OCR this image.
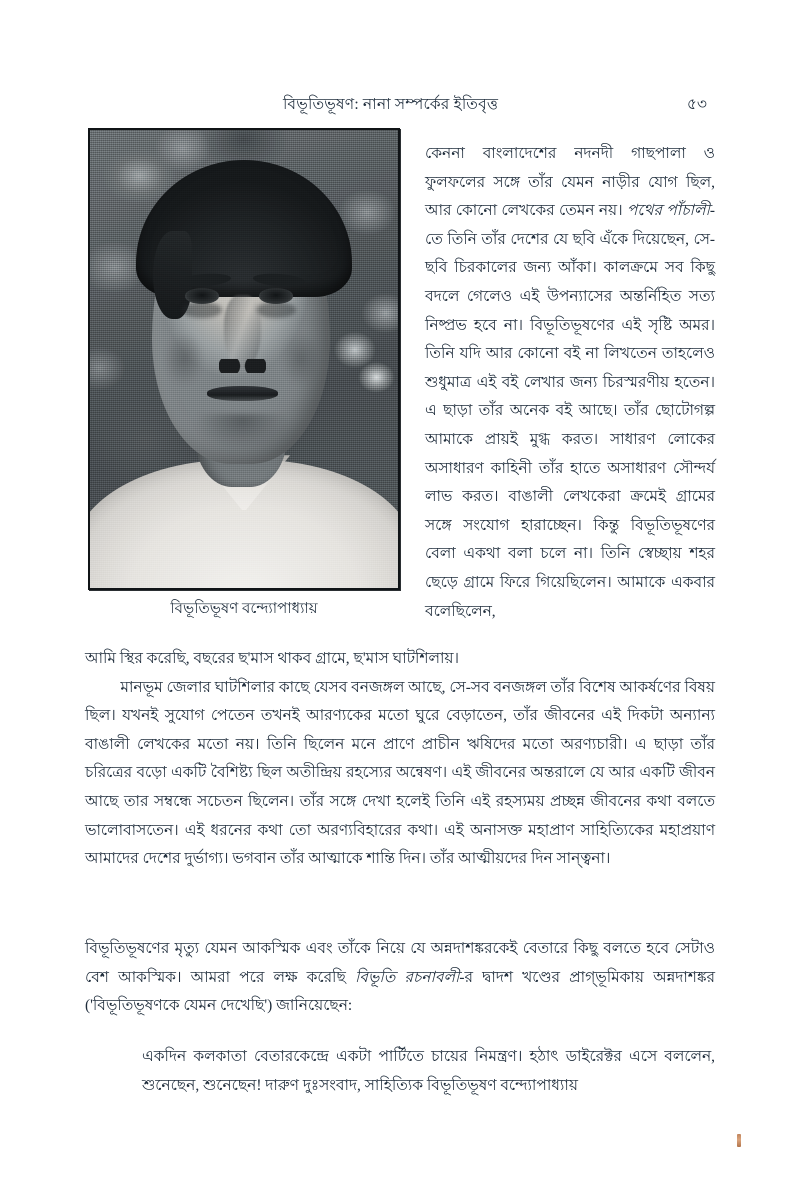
বিভূতিভূষণ: নানা সম্পর্কের ইতিবৃত্ত	৫৩
বিভূতিভূষণ বন্দ্যোপাধ্যায়

কেননা বাংলাদেশের নদনদী গাছপালা ও ফুলফলের সঙ্গে তাঁর যেমন নাড়ীর যোগ ছিল, আর কোনো লেখকের তেমন নয়। পথের পাঁচালী-তে তিনি তাঁর দেশের যে ছবি এঁকে দিয়েছেন, সে-ছবি চিরকালের জন্য আঁকা। কালক্রমে সব কিছু বদলে গেলেও এই উপন্যাসের অন্তর্নিহিত সত্য নিষ্প্রভ হবে না। বিভূতিভূষণের এই সৃষ্টি অমর। তিনি যদি আর কোনো বই না লিখতেন তাহলেও শুধুমাত্র এই বই লেখার জন্য চিরস্মরণীয় হতেন। এ ছাড়া তাঁর অনেক বই আছে। তাঁর ছোটোগল্প আমাকে প্রায়ই মুগ্ধ করত। সাধারণ লোকের অসাধারণ কাহিনী তাঁর হাতে অসাধারণ সৌন্দর্য লাভ করত। বাঙালী লেখকেরা ক্রমেই গ্রামের সঙ্গে সংযোগ হারাচ্ছেন। কিন্তু বিভূতিভূষণের বেলা একথা বলা চলে না। তিনি স্বেচ্ছায় শহর ছেড়ে গ্রামে ফিরে গিয়েছিলেন। আমাকে একবার বলেছিলেন,

আমি স্থির করেছি, বছরের ছ'মাস থাকব গ্রামে, ছ'মাস ঘাটশিলায়।

মানভূম জেলার ঘাটশিলার কাছে যেসব বনজঙ্গল আছে, সে-সব বনজঙ্গল তাঁর বিশেষ আকর্ষণের বিষয় ছিল। যখনই সুযোগ পেতেন তখনই আরণ্যকের মতো ঘুরে বেড়াতেন, তাঁর জীবনের এই দিকটা অন্যান্য বাঙালী লেখকের মতো নয়। তিনি ছিলেন মনে প্রাণে প্রাচীন ঋষিদের মতো অরণ্যচারী। এ ছাড়া তাঁর চরিত্রের বড়ো একটি বৈশিষ্ট্য ছিল অতীন্দ্রিয় রহস্যের অন্বেষণ। এই জীবনের অন্তরালে যে আর একটি জীবন আছে তার সম্বন্ধে সচেতন ছিলেন। তাঁর সঙ্গে দেখা হলেই তিনি এই রহস্যময় প্রচ্ছন্ন জীবনের কথা বলতে ভালোবাসতেন। এই ধরনের কথা তো অরণ্যবিহারের কথা। এই অনাসক্ত মহাপ্রাণ সাহিত্যিকের মহাপ্রয়াণ আমাদের দেশের দুর্ভাগ্য। ভগবান তাঁর আত্মাকে শান্তি দিন। তাঁর আত্মীয়দের দিন সান্ত্বনা।

বিভূতিভূষণের মৃত্যু যেমন আকস্মিক এবং তাঁকে নিয়ে যে অন্নদাশঙ্করকেই বেতারে কিছু বলতে হবে সেটাও বেশ আকস্মিক। আমরা পরে লক্ষ করেছি বিভূতি রচনাবলী-র দ্বাদশ খণ্ডের প্রাগ্‌ভূমিকায় অন্নদাশঙ্কর ('বিভূতিভূষণকে যেমন দেখেছি') জানিয়েছেন:

একদিন কলকাতা বেতারকেন্দ্রে একটা পার্টিতে চায়ের নিমন্ত্রণ। হঠাৎ ডাইরেক্টর এসে বললেন, শুনেছেন, শুনেছেন! দারুণ দুঃসংবাদ, সাহিত্যিক বিভূতিভূষণ বন্দ্যোপাধ্যায়
